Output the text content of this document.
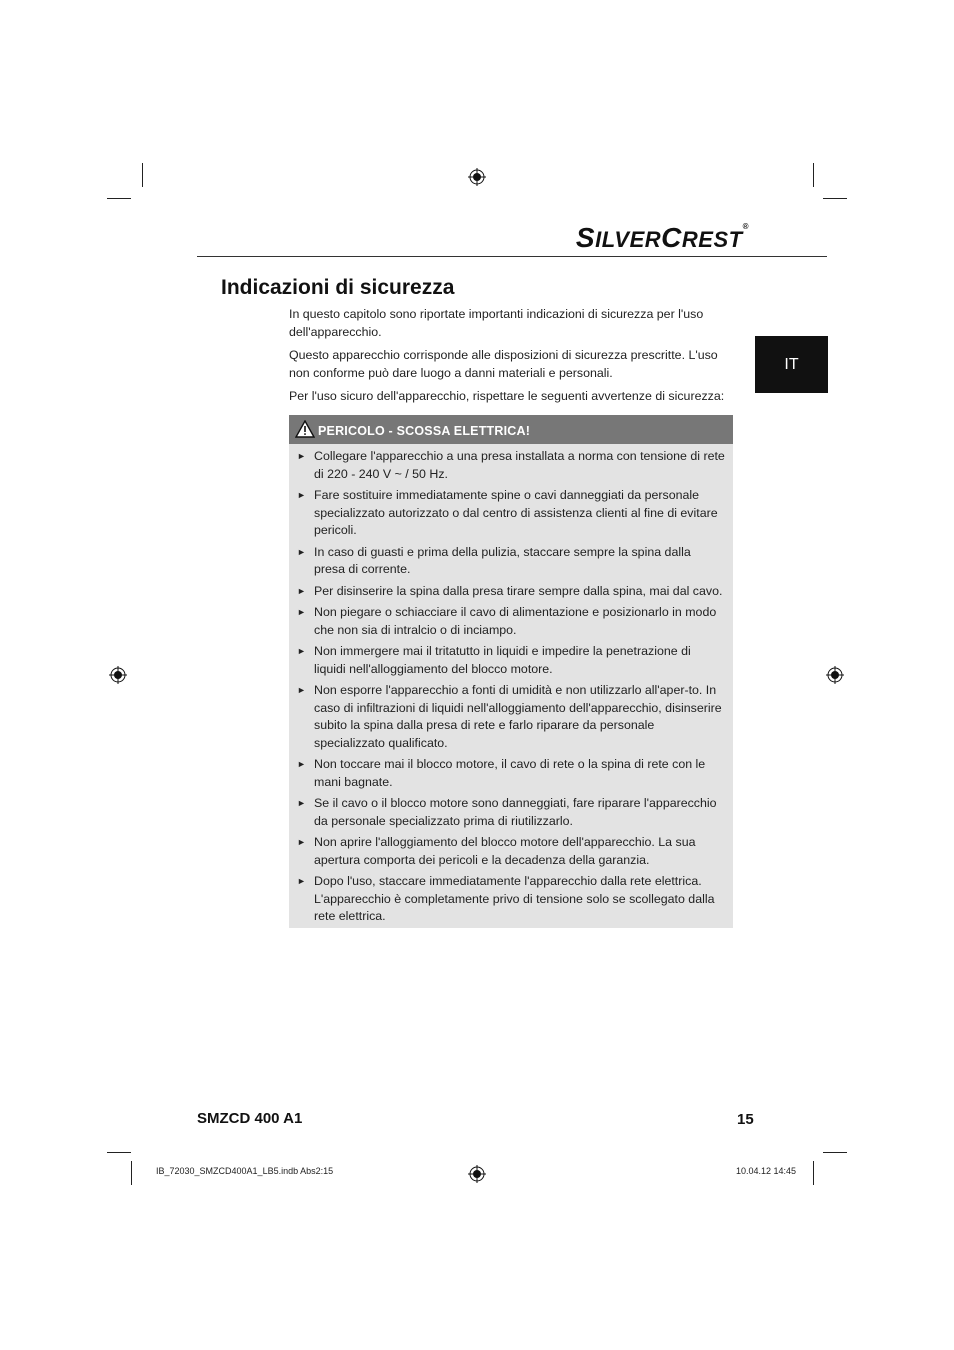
SILVERCREST®
Indicazioni di sicurezza
IT
In questo capitolo sono riportate importanti indicazioni di sicurezza per l'uso dell'apparecchio.
Questo apparecchio corrisponde alle disposizioni di sicurezza prescritte. L'uso non conforme può dare luogo a danni materiali e personali.
Per l'uso sicuro dell'apparecchio, rispettare le seguenti avvertenze di sicurezza:
PERICOLO - SCOSSA ELETTRICA!
► Collegare l'apparecchio a una presa installata a norma con tensione di rete di 220 - 240 V ~ / 50 Hz.
► Fare sostituire immediatamente spine o cavi danneggiati da personale specializzato autorizzato o dal centro di assistenza clienti al fine di evitare pericoli.
► In caso di guasti e prima della pulizia, staccare sempre la spina dalla presa di corrente.
► Per disinserire la spina dalla presa tirare sempre dalla spina, mai dal cavo.
► Non piegare o schiacciare il cavo di alimentazione e posizionarlo in modo che non sia di intralcio o di inciampo.
► Non immergere mai il tritatutto in liquidi e impedire la penetrazione di liquidi nell'alloggiamento del blocco motore.
► Non esporre l'apparecchio a fonti di umidità e non utilizzarlo all'aper-to. In caso di infiltrazioni di liquidi nell'alloggiamento dell'apparecchio, disinserire subito la spina dalla presa di rete e farlo riparare da personale specializzato qualificato.
► Non toccare mai il blocco motore, il cavo di rete o la spina di rete con le mani bagnate.
► Se il cavo o il blocco motore sono danneggiati, fare riparare l'apparecchio da personale specializzato prima di riutilizzarlo.
► Non aprire l'alloggiamento del blocco motore dell'apparecchio. La sua apertura comporta dei pericoli e la decadenza della garanzia.
► Dopo l'uso, staccare immediatamente l'apparecchio dalla rete elettrica. L'apparecchio è completamente privo di tensione solo se scollegato dalla rete elettrica.
SMZCD 400 A1	15
IB_72030_SMZCD400A1_LB5.indb Abs2:15	10.04.12 14:45
